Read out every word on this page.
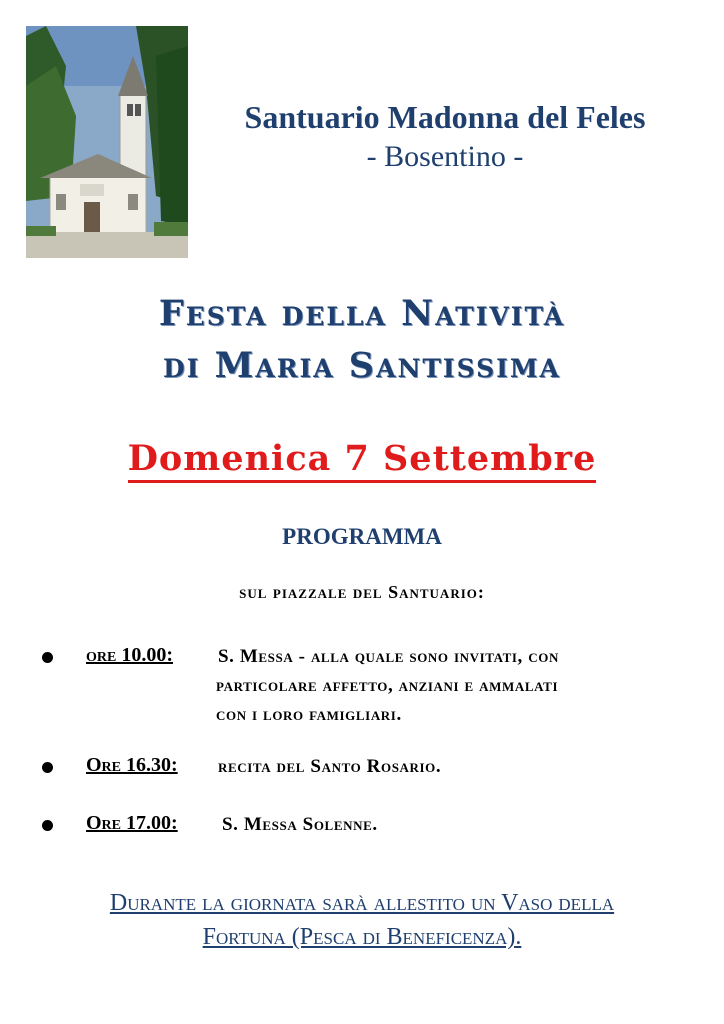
Santuario Madonna del Feles
- Bosentino -
Festa della Natività
di Maria Santissima
Domenica 7 Settembre
PROGRAMMA
sul piazzale del Santuario:
ore 10.00: S. Messa - alla quale sono invitati, con
particolare affetto, anziani e ammalati
con i loro famigliari.
Ore 16.30: recita del Santo Rosario.
Ore 17.00: S. Messa Solenne.
Durante la giornata sarà allestito un Vaso della
Fortuna (Pesca di Beneficenza).
